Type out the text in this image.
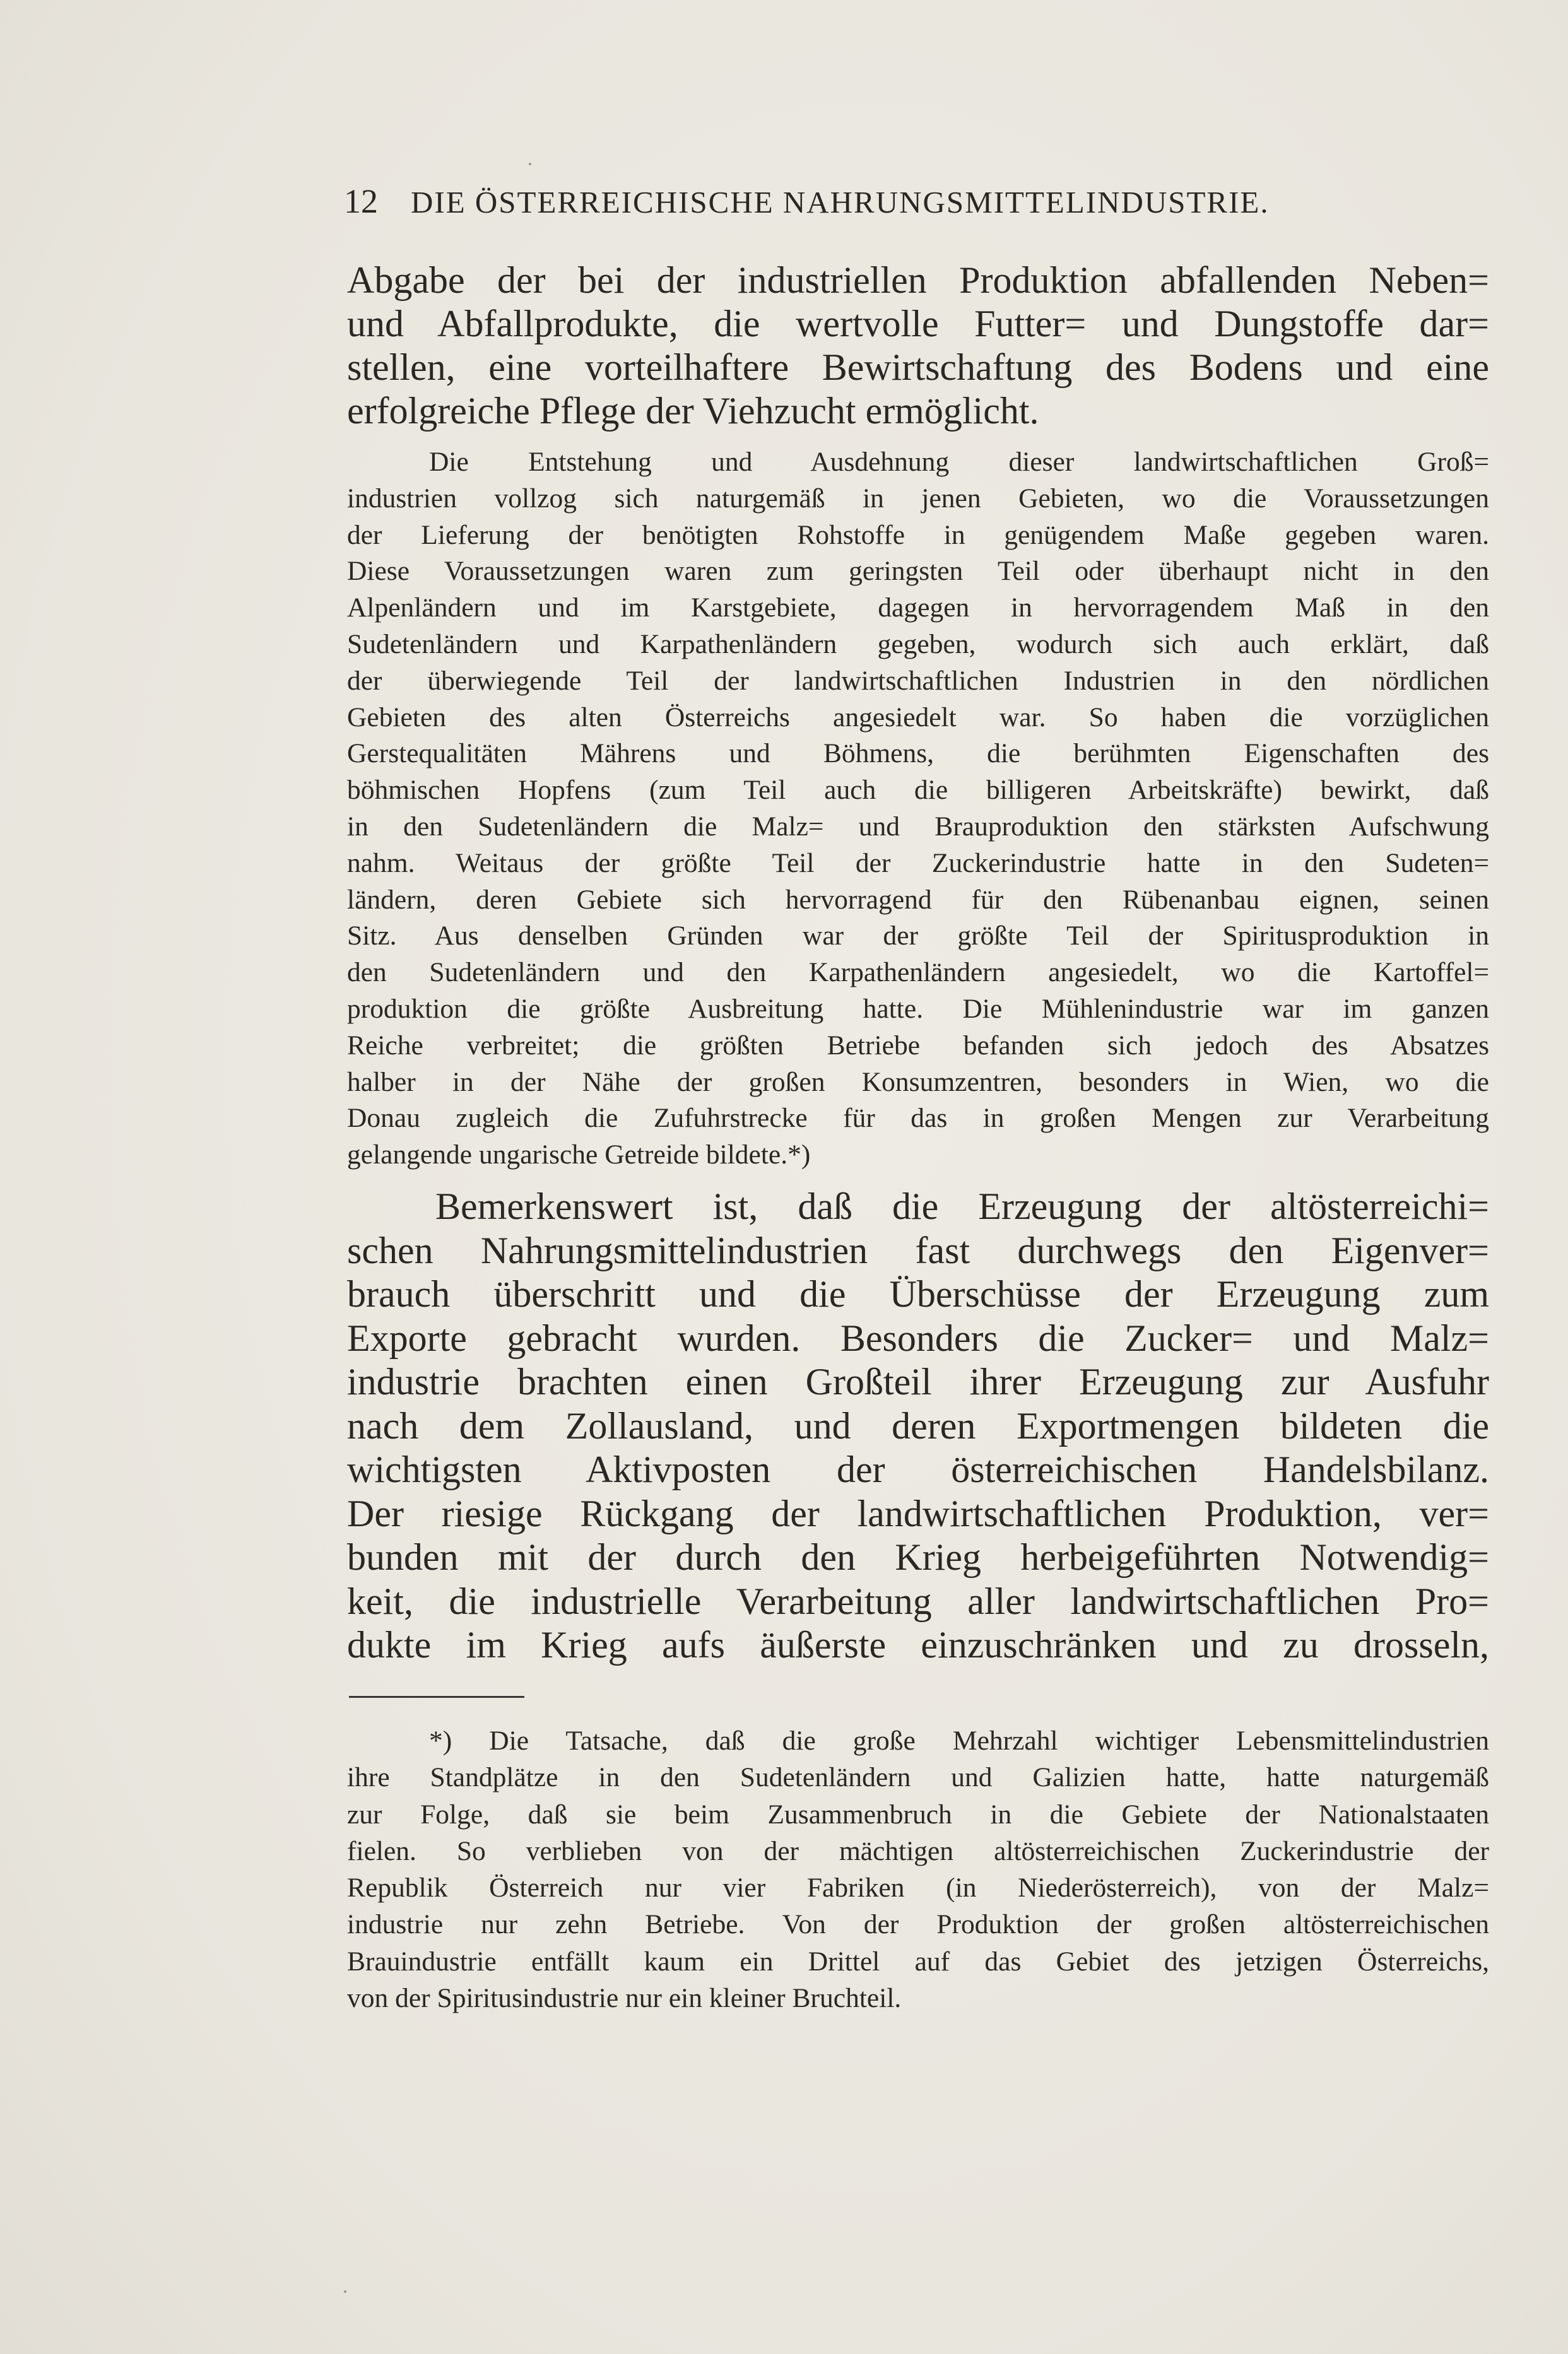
12 DIE ÖSTERREICHISCHE NAHRUNGSMITTELINDUSTRIE.
Abgabe der bei der industriellen Produktion abfallenden Neben=
und Abfallprodukte, die wertvolle Futter= und Dungstoffe dar=
stellen, eine vorteilhaftere Bewirtschaftung des Bodens und eine
erfolgreiche Pflege der Viehzucht ermöglicht.
Die Entstehung und Ausdehnung dieser landwirtschaftlichen Groß=
industrien vollzog sich naturgemäß in jenen Gebieten, wo die Voraussetzungen
der Lieferung der benötigten Rohstoffe in genügendem Maße gegeben waren.
Diese Voraussetzungen waren zum geringsten Teil oder überhaupt nicht in den
Alpenländern und im Karstgebiete, dagegen in hervorragendem Maß in den
Sudetenländern und Karpathenländern gegeben, wodurch sich auch erklärt, daß
der überwiegende Teil der landwirtschaftlichen Industrien in den nördlichen
Gebieten des alten Österreichs angesiedelt war. So haben die vorzüglichen
Gerstequalitäten Mährens und Böhmens, die berühmten Eigenschaften des
böhmischen Hopfens (zum Teil auch die billigeren Arbeitskräfte) bewirkt, daß
in den Sudetenländern die Malz= und Brauproduktion den stärksten Aufschwung
nahm. Weitaus der größte Teil der Zuckerindustrie hatte in den Sudeten=
ländern, deren Gebiete sich hervorragend für den Rübenanbau eignen, seinen
Sitz. Aus denselben Gründen war der größte Teil der Spiritusproduktion in
den Sudetenländern und den Karpathenländern angesiedelt, wo die Kartoffel=
produktion die größte Ausbreitung hatte. Die Mühlenindustrie war im ganzen
Reiche verbreitet; die größten Betriebe befanden sich jedoch des Absatzes
halber in der Nähe der großen Konsumzentren, besonders in Wien, wo die
Donau zugleich die Zufuhrstrecke für das in großen Mengen zur Verarbeitung
gelangende ungarische Getreide bildete.*)
Bemerkenswert ist, daß die Erzeugung der altösterreichi=
schen Nahrungsmittelindustrien fast durchwegs den Eigenver=
brauch überschritt und die Überschüsse der Erzeugung zum
Exporte gebracht wurden. Besonders die Zucker= und Malz=
industrie brachten einen Großteil ihrer Erzeugung zur Ausfuhr
nach dem Zollausland, und deren Exportmengen bildeten die
wichtigsten Aktivposten der österreichischen Handelsbilanz.
Der riesige Rückgang der landwirtschaftlichen Produktion, ver=
bunden mit der durch den Krieg herbeigeführten Notwendig=
keit, die industrielle Verarbeitung aller landwirtschaftlichen Pro=
dukte im Krieg aufs äußerste einzuschränken und zu drosseln,
*) Die Tatsache, daß die große Mehrzahl wichtiger Lebensmittelindustrien
ihre Standplätze in den Sudetenländern und Galizien hatte, hatte naturgemäß
zur Folge, daß sie beim Zusammenbruch in die Gebiete der Nationalstaaten
fielen. So verblieben von der mächtigen altösterreichischen Zuckerindustrie der
Republik Österreich nur vier Fabriken (in Niederösterreich), von der Malz=
industrie nur zehn Betriebe. Von der Produktion der großen altösterreichischen
Brauindustrie entfällt kaum ein Drittel auf das Gebiet des jetzigen Österreichs,
von der Spiritusindustrie nur ein kleiner Bruchteil.
